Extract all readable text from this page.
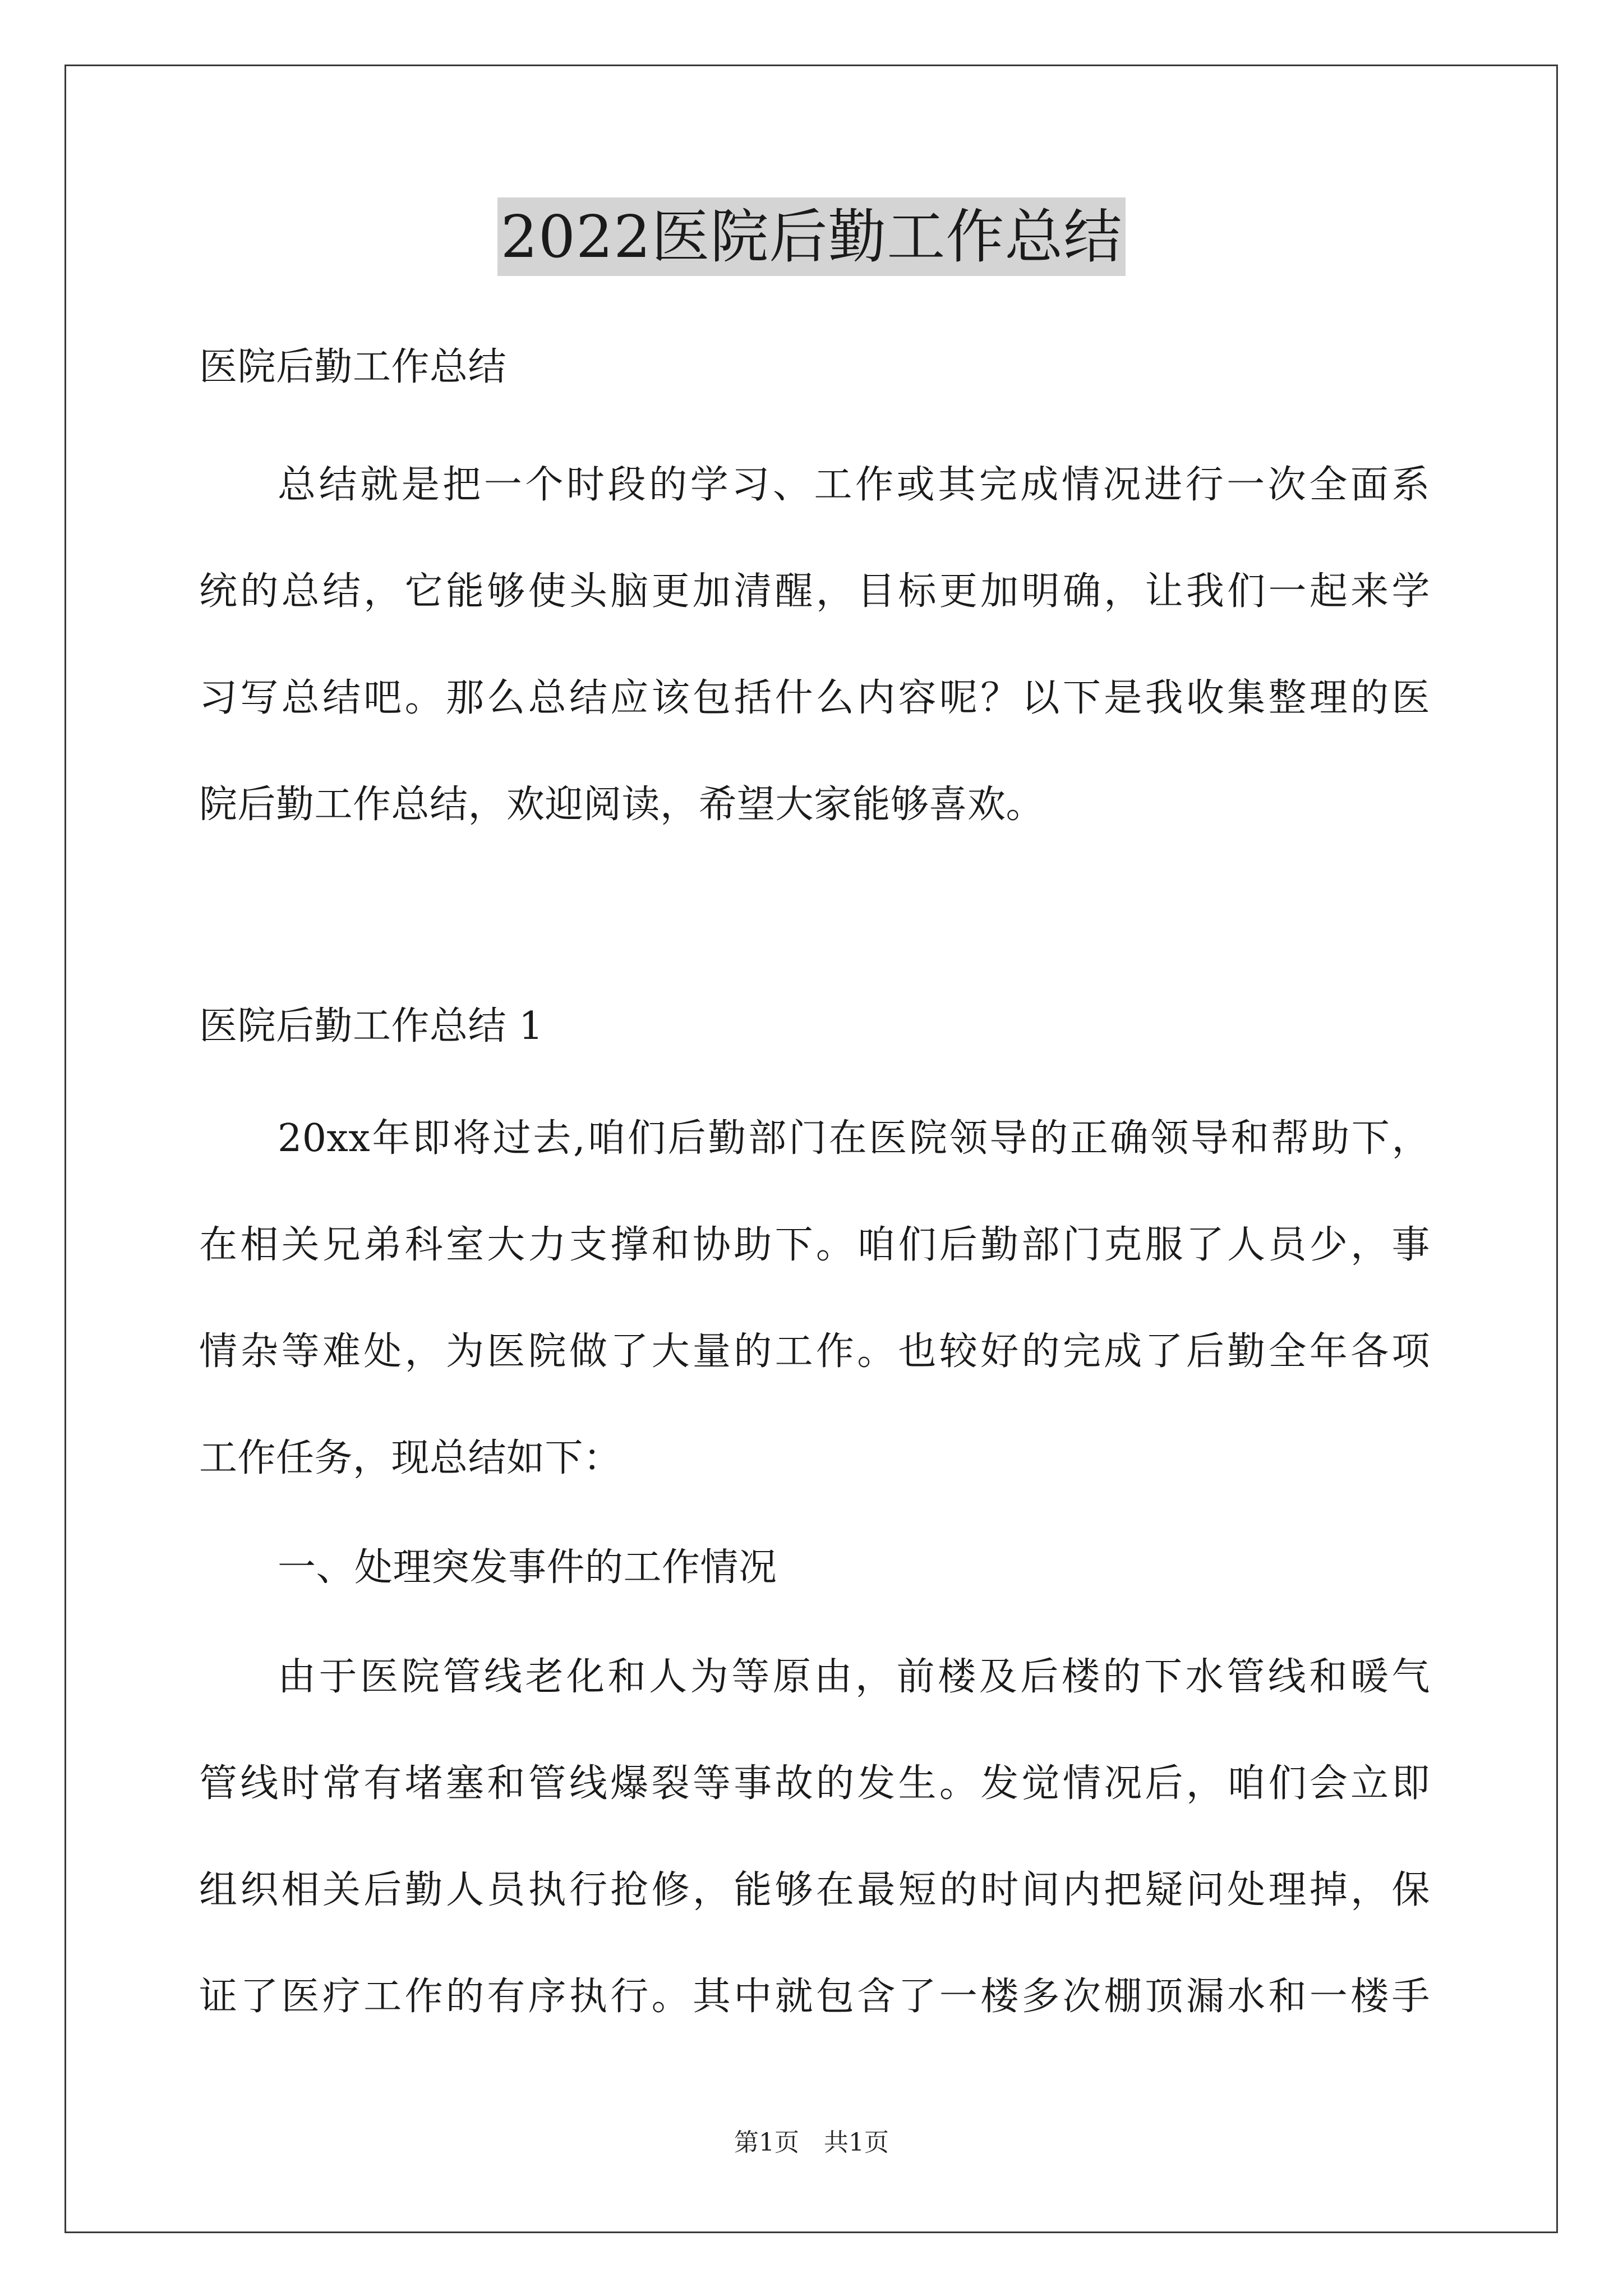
2022医院后勤工作总结
医院后勤工作总结
总结就是把一个时段的学习、工作或其完成情况进行一次全面系
统的总结，它能够使头脑更加清醒，目标更加明确，让我们一起来学
习写总结吧。那么总结应该包括什么内容呢？以下是我收集整理的医
院后勤工作总结，欢迎阅读，希望大家能够喜欢。
医院后勤工作总结 1
20xx年即将过去,咱们后勤部门在医院领导的正确领导和帮助下，
在相关兄弟科室大力支撑和协助下。咱们后勤部门克服了人员少，事
情杂等难处，为医院做了大量的工作。也较好的完成了后勤全年各项
工作任务，现总结如下：
一、处理突发事件的工作情况
由于医院管线老化和人为等原由，前楼及后楼的下水管线和暖气
管线时常有堵塞和管线爆裂等事故的发生。发觉情况后，咱们会立即
组织相关后勤人员执行抢修，能够在最短的时间内把疑问处理掉，保
证了医疗工作的有序执行。其中就包含了一楼多次棚顶漏水和一楼手
第1页　共1页
